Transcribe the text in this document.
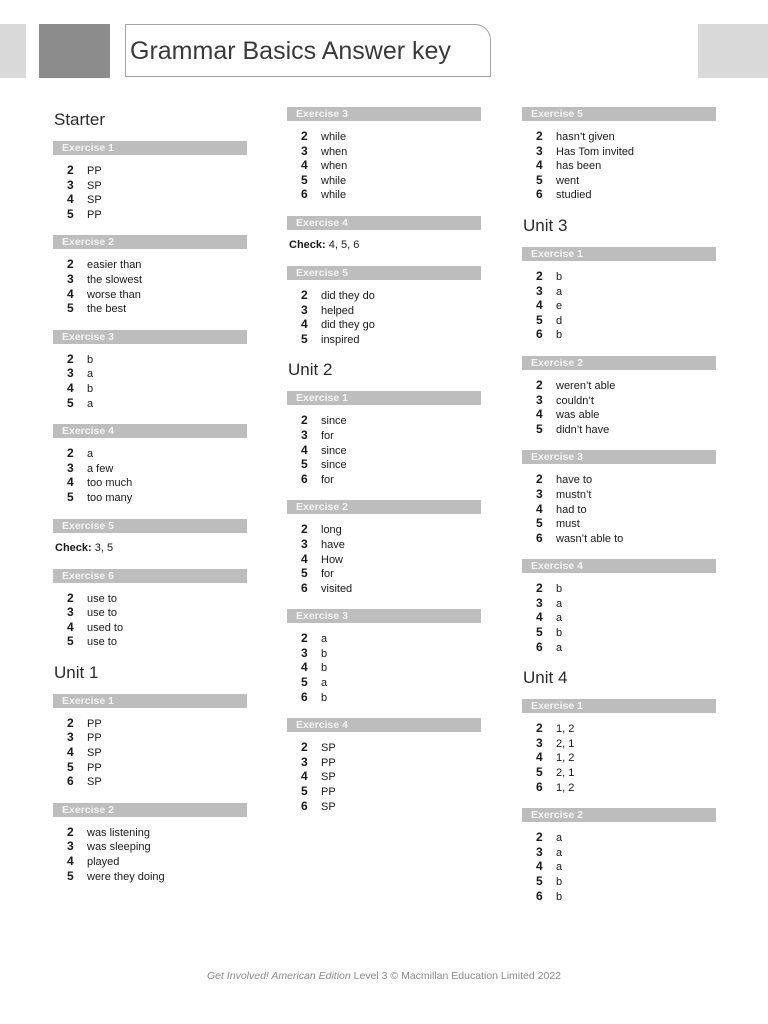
Grammar Basics Answer key
Starter
Exercise 1
2 PP
3 SP
4 SP
5 PP
Exercise 2
2 easier than
3 the slowest
4 worse than
5 the best
Exercise 3
2 b
3 a
4 b
5 a
Exercise 4
2 a
3 a few
4 too much
5 too many
Exercise 5
Check: 3, 5
Exercise 6
2 use to
3 use to
4 used to
5 use to
Unit 1
Exercise 1
2 PP
3 PP
4 SP
5 PP
6 SP
Exercise 2
2 was listening
3 was sleeping
4 played
5 were they doing
Exercise 3
2 while
3 when
4 when
5 while
6 while
Exercise 4
Check: 4, 5, 6
Exercise 5
2 did they do
3 helped
4 did they go
5 inspired
Unit 2
Exercise 1
2 since
3 for
4 since
5 since
6 for
Exercise 2
2 long
3 have
4 How
5 for
6 visited
Exercise 3
2 a
3 b
4 b
5 a
6 b
Exercise 4
2 SP
3 PP
4 SP
5 PP
6 SP
Exercise 5
2 hasn’t given
3 Has Tom invited
4 has been
5 went
6 studied
Unit 3
Exercise 1
2 b
3 a
4 e
5 d
6 b
Exercise 2
2 weren’t able
3 couldn’t
4 was able
5 didn’t have
Exercise 3
2 have to
3 mustn’t
4 had to
5 must
6 wasn’t able to
Exercise 4
2 b
3 a
4 a
5 b
6 a
Unit 4
Exercise 1
2 1, 2
3 2, 1
4 1, 2
5 2, 1
6 1, 2
Exercise 2
2 a
3 a
4 a
5 b
6 b
Get Involved! American Edition Level 3 © Macmillan Education Limited 2022
